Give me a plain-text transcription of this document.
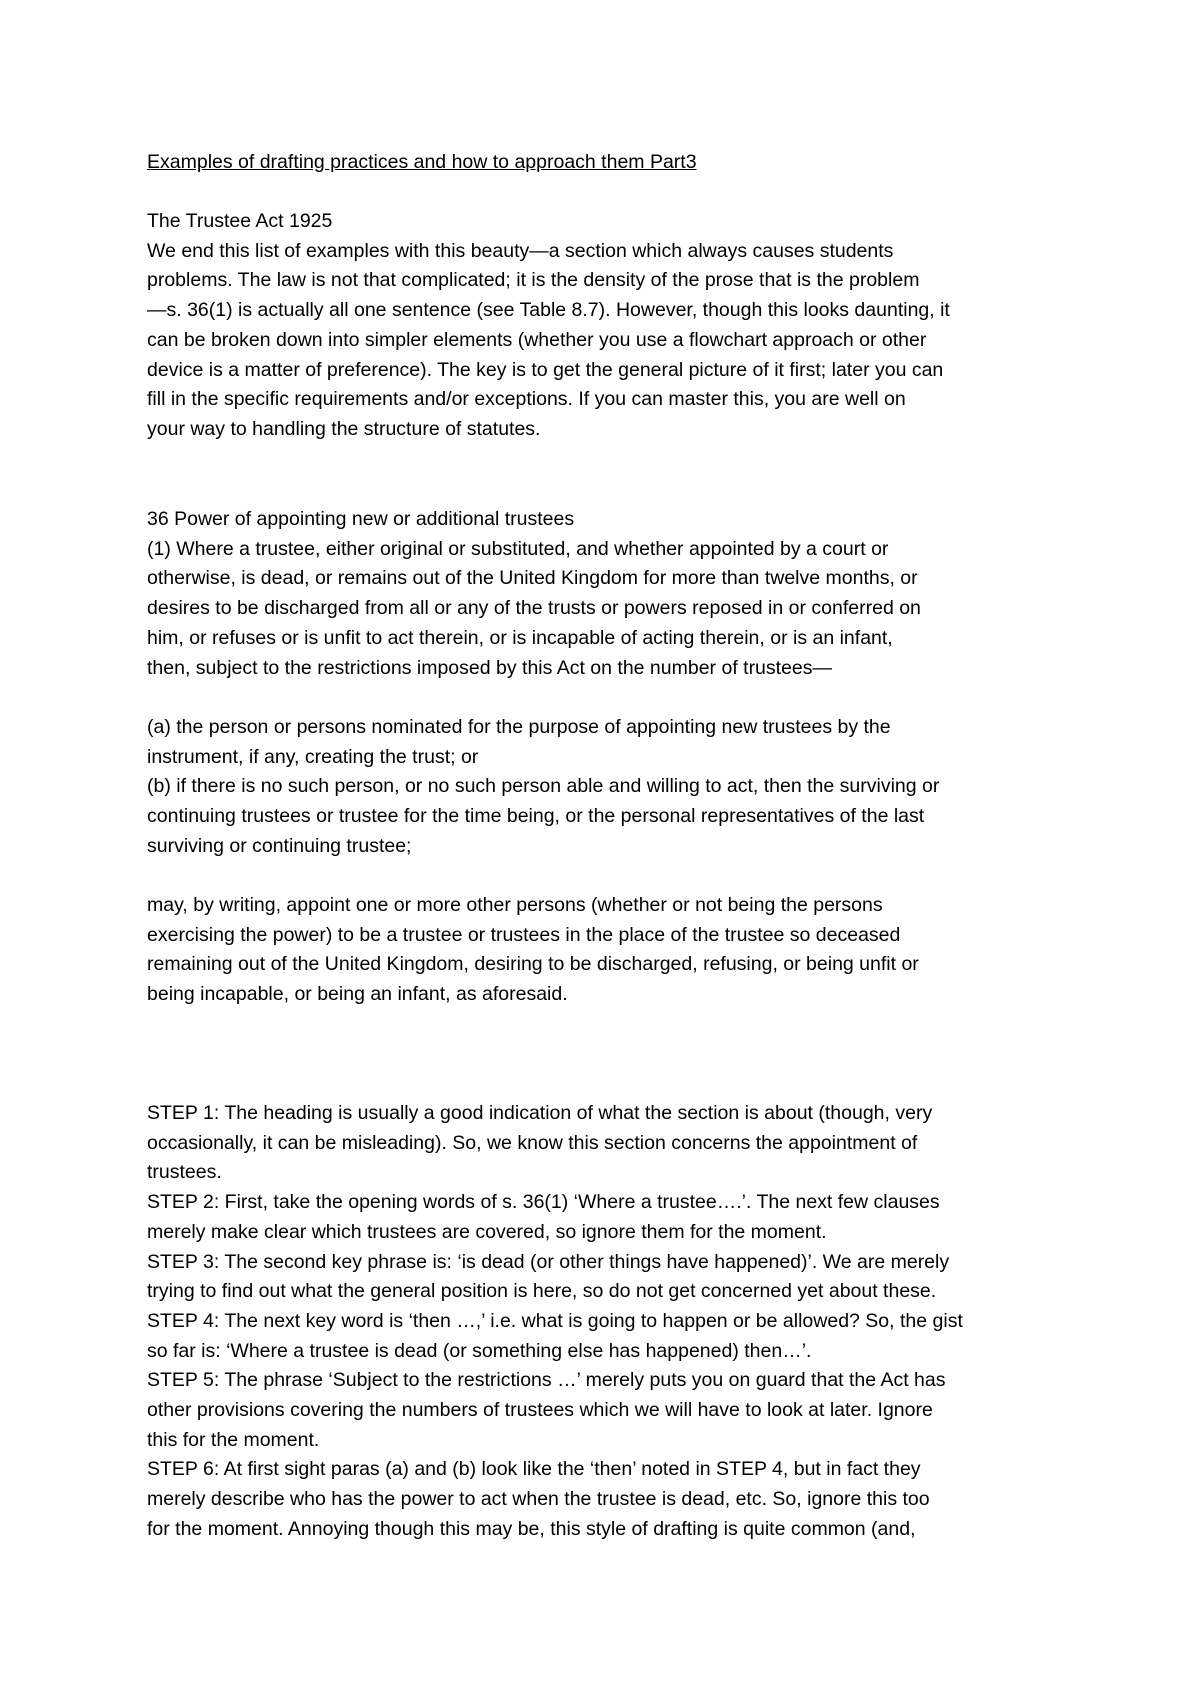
Examples of drafting practices and how to approach them Part3
The Trustee Act 1925
We end this list of examples with this beauty—a section which always causes students
problems. The law is not that complicated; it is the density of the prose that is the problem
—s. 36(1) is actually all one sentence (see Table 8.7). However, though this looks daunting, it
can be broken down into simpler elements (whether you use a flowchart approach or other
device is a matter of preference). The key is to get the general picture of it first; later you can
fill in the specific requirements and/or exceptions. If you can master this, you are well on
your way to handling the structure of statutes.
36 Power of appointing new or additional trustees
(1) Where a trustee, either original or substituted, and whether appointed by a court or
otherwise, is dead, or remains out of the United Kingdom for more than twelve months, or
desires to be discharged from all or any of the trusts or powers reposed in or conferred on
him, or refuses or is unfit to act therein, or is incapable of acting therein, or is an infant,
then, subject to the restrictions imposed by this Act on the number of trustees—
(a) the person or persons nominated for the purpose of appointing new trustees by the
instrument, if any, creating the trust; or
(b) if there is no such person, or no such person able and willing to act, then the surviving or
continuing trustees or trustee for the time being, or the personal representatives of the last
surviving or continuing trustee;
may, by writing, appoint one or more other persons (whether or not being the persons
exercising the power) to be a trustee or trustees in the place of the trustee so deceased
remaining out of the United Kingdom, desiring to be discharged, refusing, or being unfit or
being incapable, or being an infant, as aforesaid.
STEP 1: The heading is usually a good indication of what the section is about (though, very
occasionally, it can be misleading). So, we know this section concerns the appointment of
trustees.
STEP 2: First, take the opening words of s. 36(1) ‘Where a trustee….’. The next few clauses
merely make clear which trustees are covered, so ignore them for the moment.
STEP 3: The second key phrase is: ‘is dead (or other things have happened)’. We are merely
trying to find out what the general position is here, so do not get concerned yet about these.
STEP 4: The next key word is ‘then …,’ i.e. what is going to happen or be allowed? So, the gist
so far is: ‘Where a trustee is dead (or something else has happened) then…’.
STEP 5: The phrase ‘Subject to the restrictions …’ merely puts you on guard that the Act has
other provisions covering the numbers of trustees which we will have to look at later. Ignore
this for the moment.
STEP 6: At first sight paras (a) and (b) look like the ‘then’ noted in STEP 4, but in fact they
merely describe who has the power to act when the trustee is dead, etc. So, ignore this too
for the moment. Annoying though this may be, this style of drafting is quite common (and,
